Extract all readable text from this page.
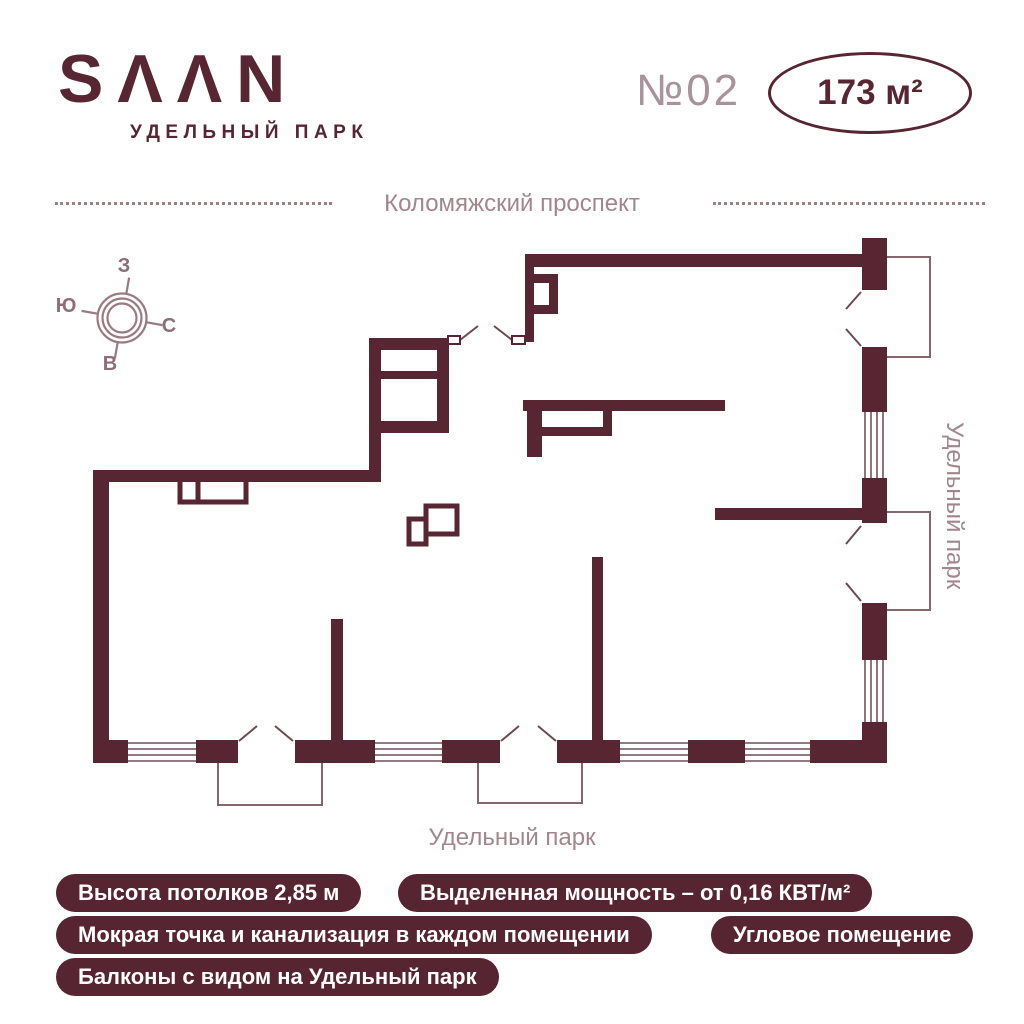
SΛΛN
УДЕЛЬНЫЙ ПАРК
№02 173 м²
Коломяжский проспект
Удельный парк
Удельный парк
З
Ю
С
В
Высота потолков 2,85 м	Выделенная мощность – от 0,16 КВТ/м²
Мокрая точка и канализация в каждом помещении	Угловое помещение
Балконы с видом на Удельный парк
